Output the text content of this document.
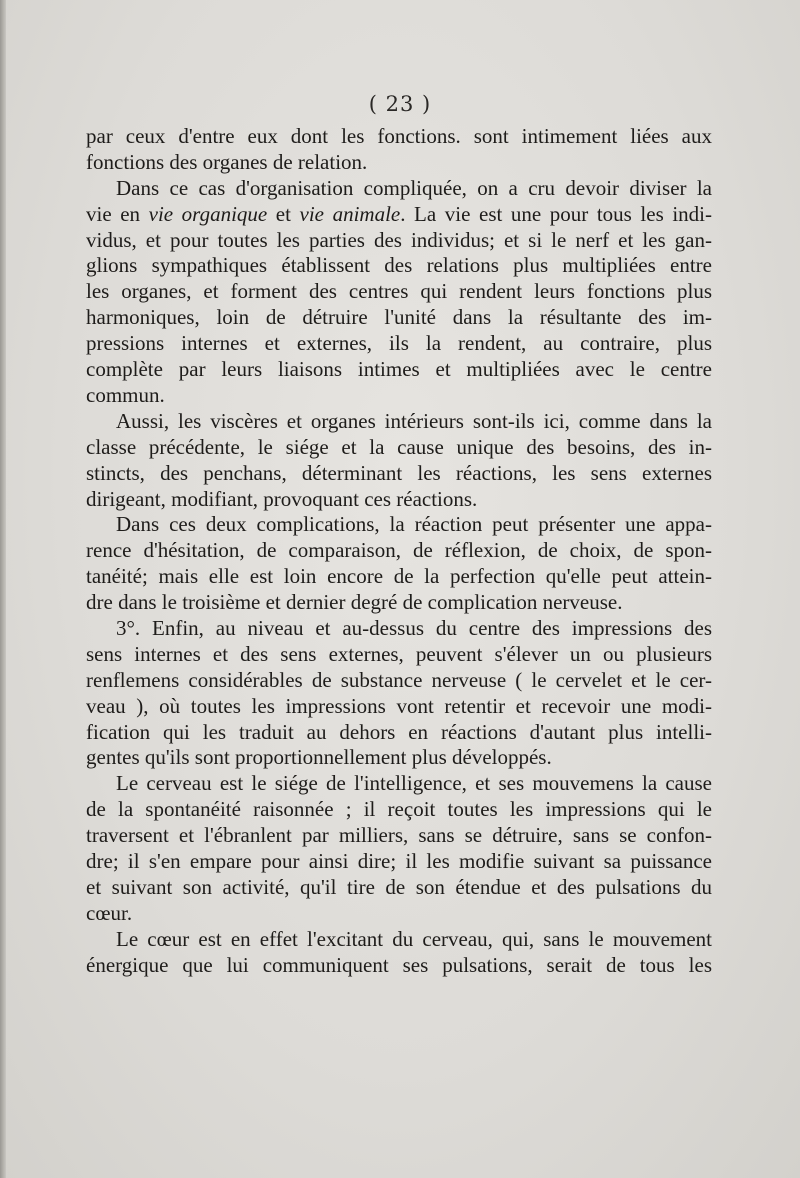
( 23 )
par ceux d'entre eux dont les fonctions. sont intimement liées aux
fonctions des organes de relation.
Dans ce cas d'organisation compliquée, on a cru devoir diviser la
vie en vie organique et vie animale. La vie est une pour tous les indi-
vidus, et pour toutes les parties des individus; et si le nerf et les gan-
glions sympathiques établissent des relations plus multipliées entre
les organes, et forment des centres qui rendent leurs fonctions plus
harmoniques, loin de détruire l'unité dans la résultante des im-
pressions internes et externes, ils la rendent, au contraire, plus
complète par leurs liaisons intimes et multipliées avec le centre
commun.
Aussi, les viscères et organes intérieurs sont-ils ici, comme dans la
classe précédente, le siége et la cause unique des besoins, des in-
stincts, des penchans, déterminant les réactions, les sens externes
dirigeant, modifiant, provoquant ces réactions.
Dans ces deux complications, la réaction peut présenter une appa-
rence d'hésitation, de comparaison, de réflexion, de choix, de spon-
tanéité; mais elle est loin encore de la perfection qu'elle peut attein-
dre dans le troisième et dernier degré de complication nerveuse.
3°. Enfin, au niveau et au-dessus du centre des impressions des
sens internes et des sens externes, peuvent s'élever un ou plusieurs
renflemens considérables de substance nerveuse ( le cervelet et le cer-
veau ), où toutes les impressions vont retentir et recevoir une modi-
fication qui les traduit au dehors en réactions d'autant plus intelli-
gentes qu'ils sont proportionnellement plus développés.
Le cerveau est le siége de l'intelligence, et ses mouvemens la cause
de la spontanéité raisonnée ; il reçoit toutes les impressions qui le
traversent et l'ébranlent par milliers, sans se détruire, sans se confon-
dre; il s'en empare pour ainsi dire; il les modifie suivant sa puissance
et suivant son activité, qu'il tire de son étendue et des pulsations du
cœur.
Le cœur est en effet l'excitant du cerveau, qui, sans le mouvement
énergique que lui communiquent ses pulsations, serait de tous les
